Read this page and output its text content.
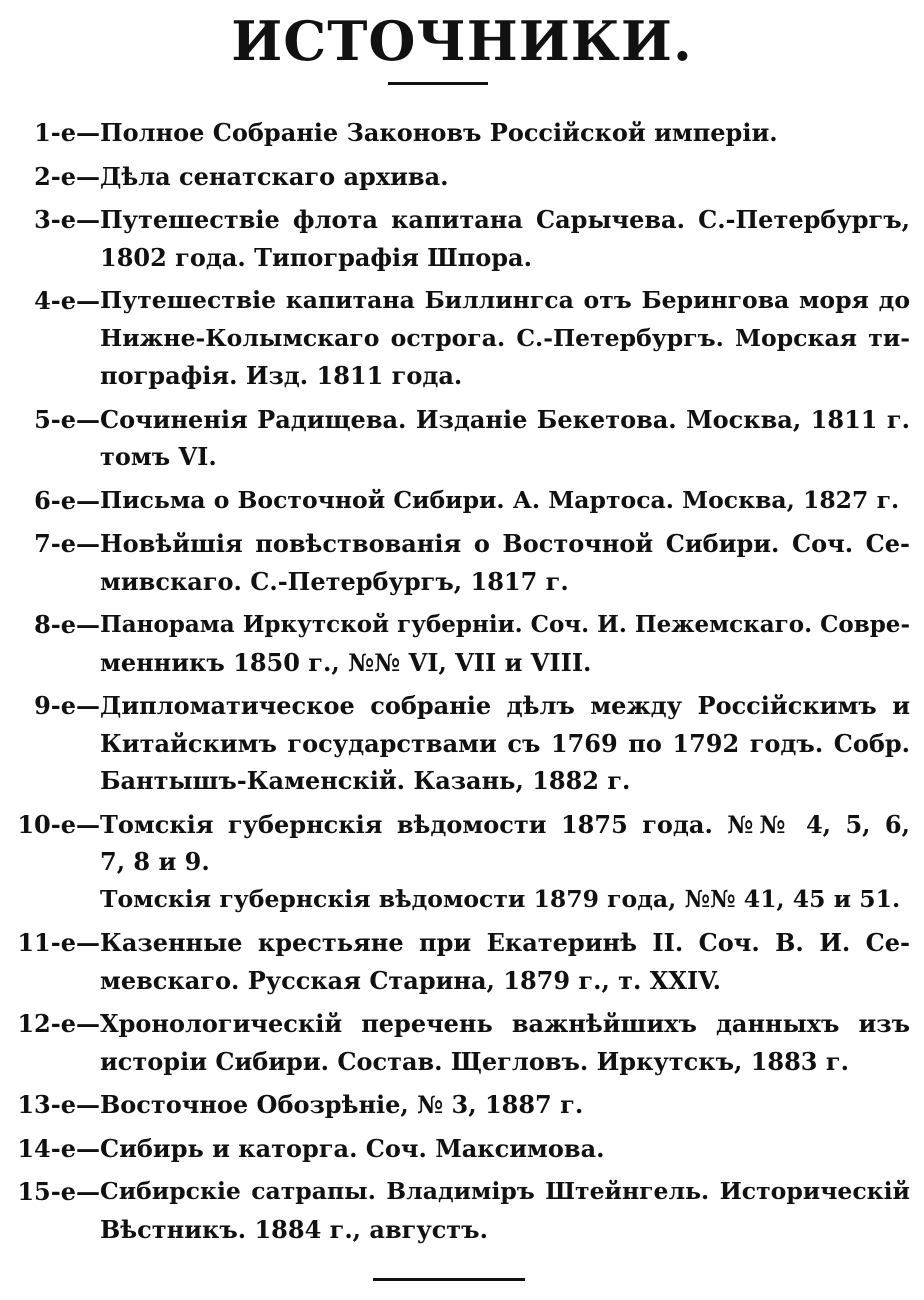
ИСТОЧНИКИ.
1-е— Полное Собраніе Законовъ Россійской имперіи.
2-е— Дѣла сенатскаго архива.
3-е— Путешествіе флота капитана Сарычева. С.-Петербургъ,
1802 года. Типографія Шпора.
4-е— Путешествіе капитана Биллингса отъ Берингова моря до
Нижне-Колымскаго острога. С.-Петербургъ. Морская ти-
пографія. Изд. 1811 года.
5-е— Сочиненія Радищева. Изданіе Бекетова. Москва, 1811 г.
томъ VI.
6-е— Письма о Восточной Сибири. А. Мартоса. Москва, 1827 г.
7-е— Новѣйшія повѣствованія о Восточной Сибири. Соч. Се-
мивскаго. С.-Петербургъ, 1817 г.
8-е— Панорама Иркутской губерніи. Соч. И. Пежемскаго. Совре-
менникъ 1850 г., №№ VI, VII и VIII.
9-е— Дипломатическое собраніе дѣлъ между Россійскимъ и
Китайскимъ государствами съ 1769 по 1792 годъ. Собр.
Бантышъ-Каменскій. Казань, 1882 г.
10-е— Томскія губернскія вѣдомости 1875 года. №№ 4, 5, 6,
7, 8 и 9.
Томскія губернскія вѣдомости 1879 года, №№ 41, 45 и 51.
11-е— Казенные крестьяне при Екатеринѣ II. Соч. В. И. Се-
мевскаго. Русская Старина, 1879 г., т. XXIV.
12-е— Хронологическій перечень важнѣйшихъ данныхъ изъ
исторіи Сибири. Состав. Щегловъ. Иркутскъ, 1883 г.
13-е— Восточное Обозрѣніе, № 3, 1887 г.
14-е— Сибирь и каторга. Соч. Максимова.
15-е— Сибирскіе сатрапы. Владиміръ Штейнгель. Историческій
Вѣстникъ. 1884 г., августъ.
